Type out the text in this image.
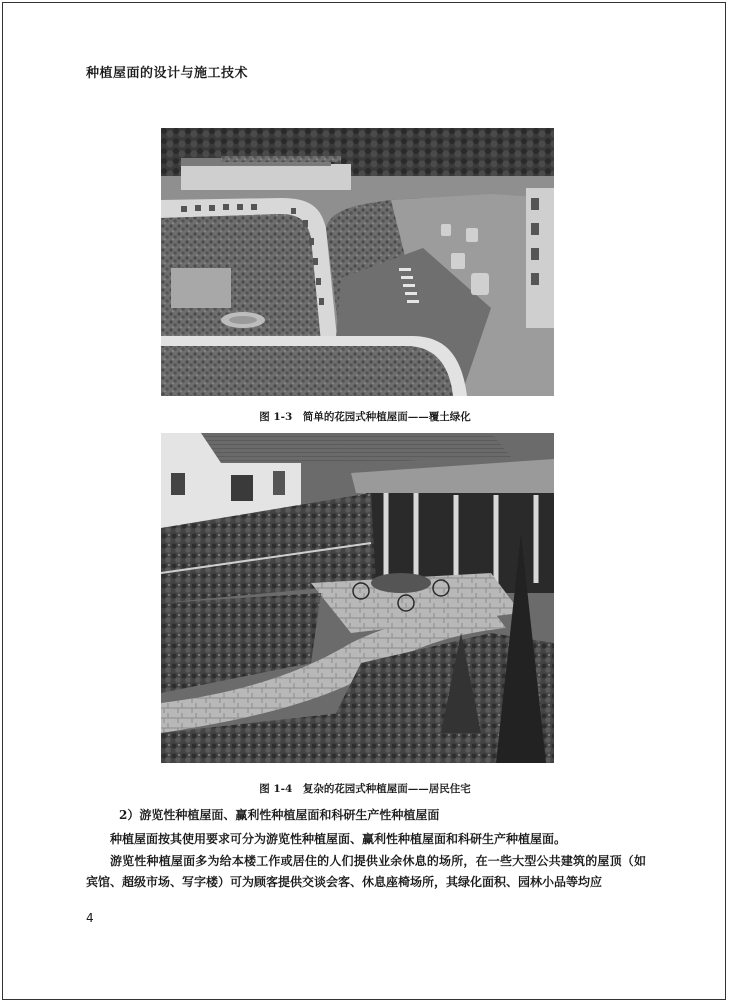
种植屋面的设计与施工技术
图 1-3　简单的花园式种植屋面——覆土绿化
图 1-4　复杂的花园式种植屋面——居民住宅
2）游览性种植屋面、赢利性种植屋面和科研生产性种植屋面

种植屋面按其使用要求可分为游览性种植屋面、赢利性种植屋面和科研生产种植屋面。

游览性种植屋面多为给本楼工作或居住的人们提供业余休息的场所，在一些大型公共建筑的屋顶（如宾馆、超级市场、写字楼）可为顾客提供交谈会客、休息座椅场所，其绿化面积、园林小品等均应

4
